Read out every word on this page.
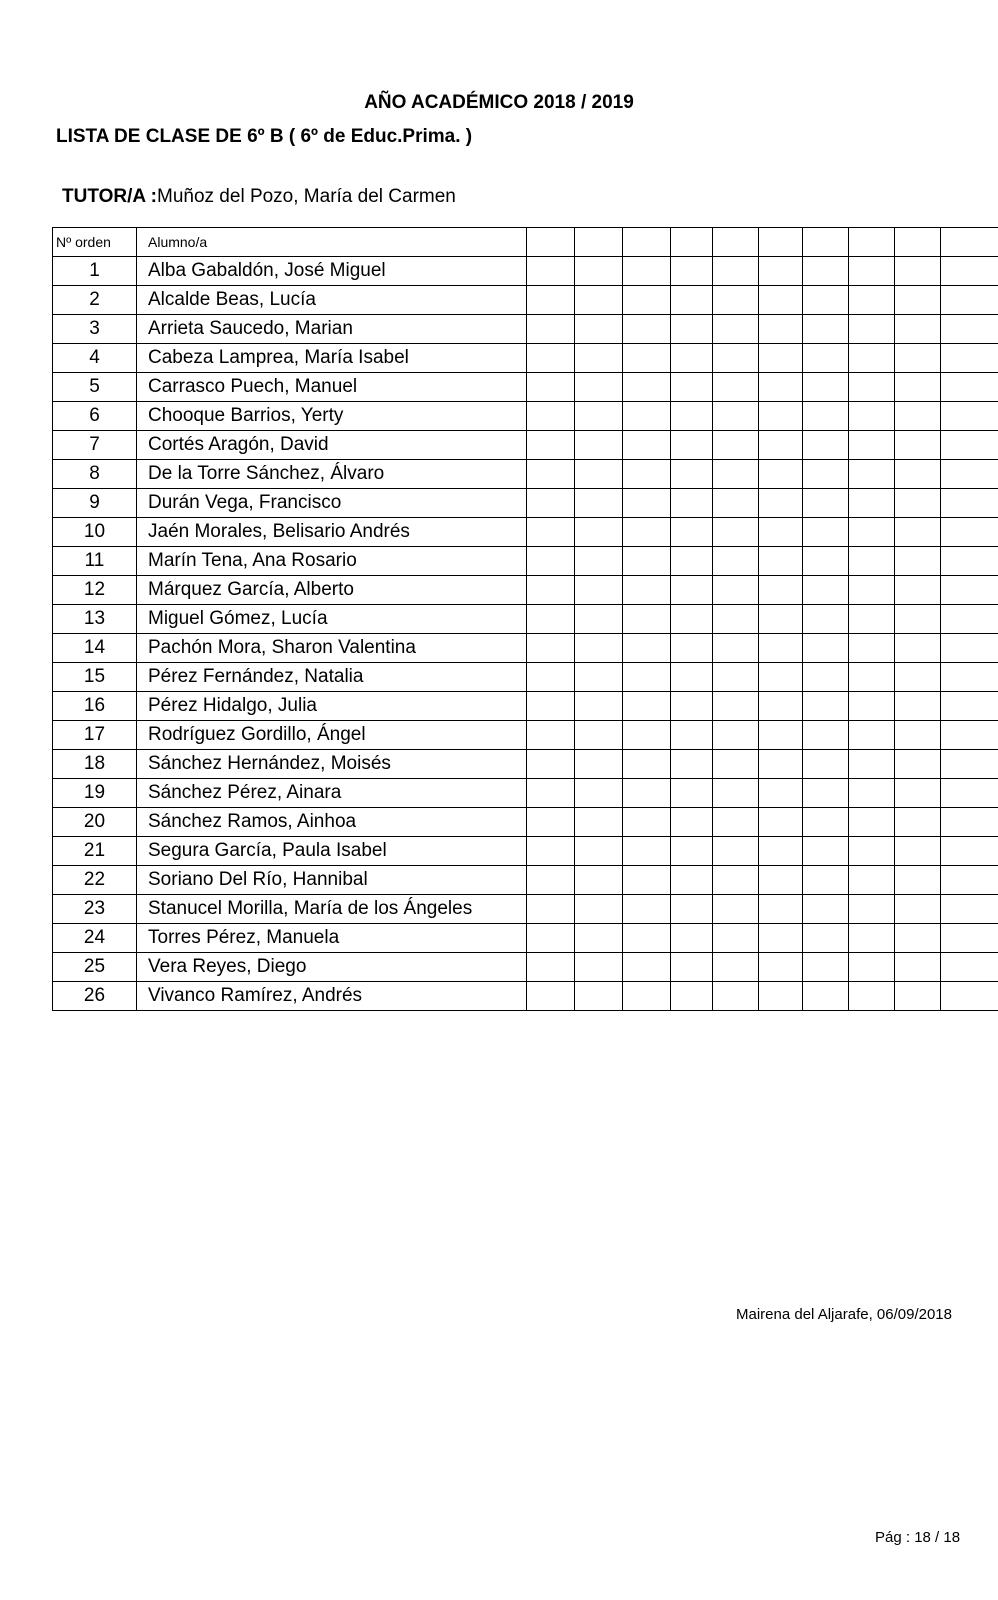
AÑO ACADÉMICO 2018 / 2019
LISTA DE CLASE DE 6º B ( 6º de Educ.Prima. )
TUTOR/A :Muñoz del Pozo, María del Carmen
Nº orden	Alumno/a										
1	Alba Gabaldón, José Miguel										
2	Alcalde Beas, Lucía										
3	Arrieta Saucedo, Marian										
4	Cabeza Lamprea, María Isabel										
5	Carrasco Puech, Manuel										
6	Chooque Barrios, Yerty										
7	Cortés Aragón, David										
8	De la Torre Sánchez, Álvaro										
9	Durán Vega, Francisco										
10	Jaén Morales, Belisario Andrés										
11	Marín Tena, Ana Rosario										
12	Márquez García, Alberto										
13	Miguel Gómez, Lucía										
14	Pachón Mora, Sharon Valentina										
15	Pérez Fernández, Natalia										
16	Pérez Hidalgo, Julia										
17	Rodríguez Gordillo, Ángel										
18	Sánchez Hernández, Moisés										
19	Sánchez Pérez, Ainara										
20	Sánchez Ramos, Ainhoa										
21	Segura García, Paula Isabel										
22	Soriano Del Río, Hannibal										
23	Stanucel Morilla, María de los Ángeles										
24	Torres Pérez, Manuela										
25	Vera Reyes, Diego										
26	Vivanco Ramírez, Andrés										
Mairena del Aljarafe, 06/09/2018
Pág : 18 / 18
